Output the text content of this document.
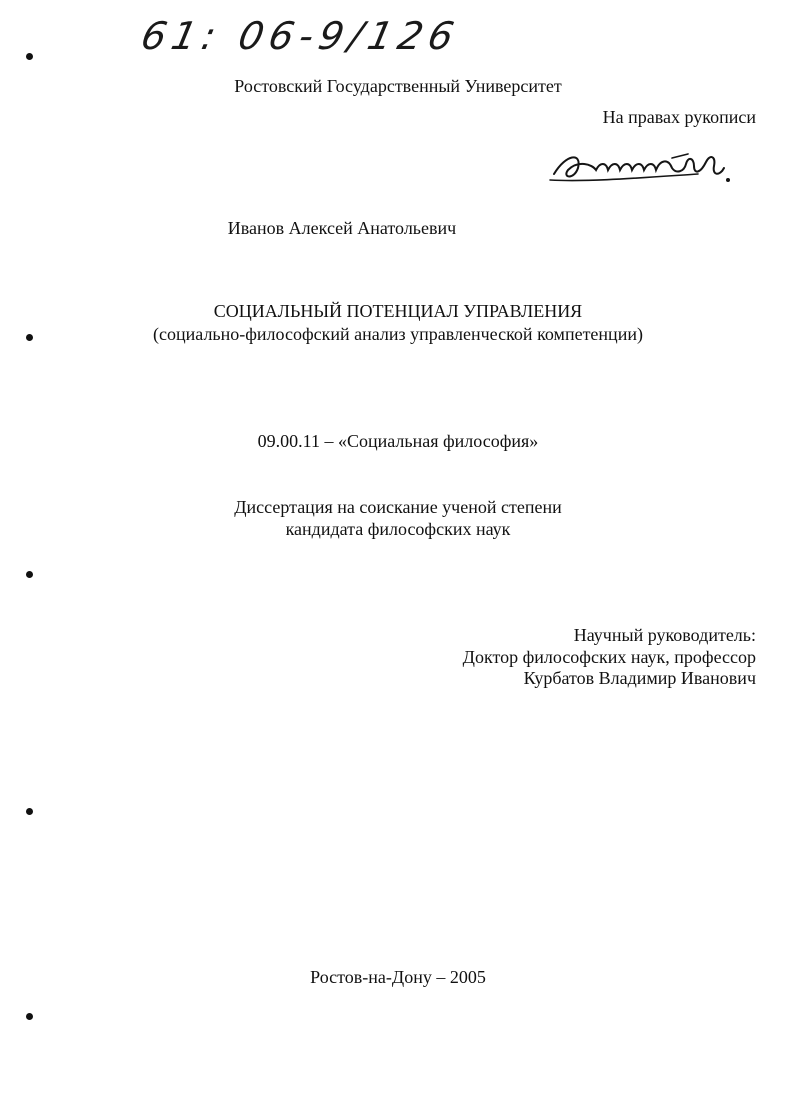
61: 06-9/126
Ростовский Государственный Университет
На правах рукописи
Иванов Алексей Анатольевич
СОЦИАЛЬНЫЙ ПОТЕНЦИАЛ УПРАВЛЕНИЯ
(социально-философский анализ управленческой компетенции)
09.00.11 – «Социальная философия»
Диссертация на соискание ученой степени
кандидата философских наук
Научный руководитель:
Доктор философских наук, профессор
Курбатов Владимир Иванович
Ростов-на-Дону – 2005
